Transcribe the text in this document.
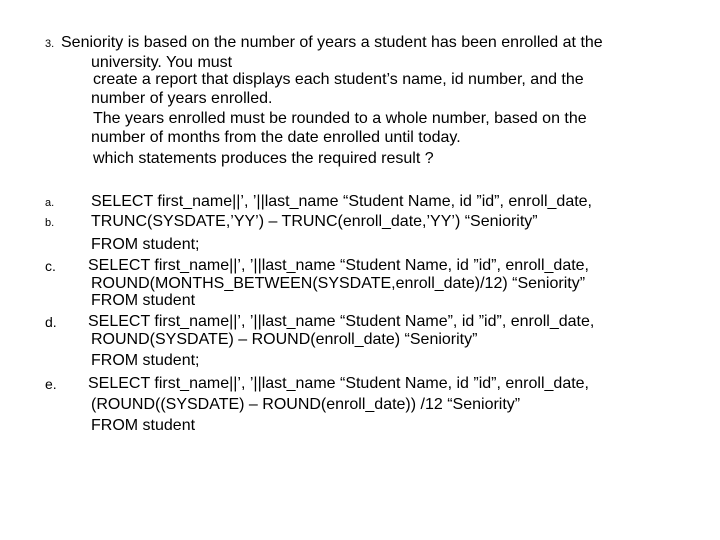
3. Seniority is based on the number of years a student has been enrolled at the
university. You must
create a report that displays each student’s name, id number, and the
number of years enrolled.
The years enrolled must be rounded to a whole number, based on the
number of months from the date enrolled until today.
which statements produces the required result ?
a. SELECT first_name||’, ’||last_name “Student Name, id ”id”, enroll_date,
b. TRUNC(SYSDATE,’YY’) – TRUNC(enroll_date,’YY’) “Seniority”
FROM student;
c. SELECT first_name||’, ’||last_name “Student Name, id ”id”, enroll_date,
ROUND(MONTHS_BETWEEN(SYSDATE,enroll_date)/12) “Seniority”
FROM student
d. SELECT first_name||’, ’||last_name “Student Name”, id ”id”, enroll_date,
ROUND(SYSDATE) – ROUND(enroll_date) “Seniority”
FROM student;
e. SELECT first_name||’, ’||last_name “Student Name, id ”id”, enroll_date,
(ROUND((SYSDATE) – ROUND(enroll_date)) /12 “Seniority”
FROM student
